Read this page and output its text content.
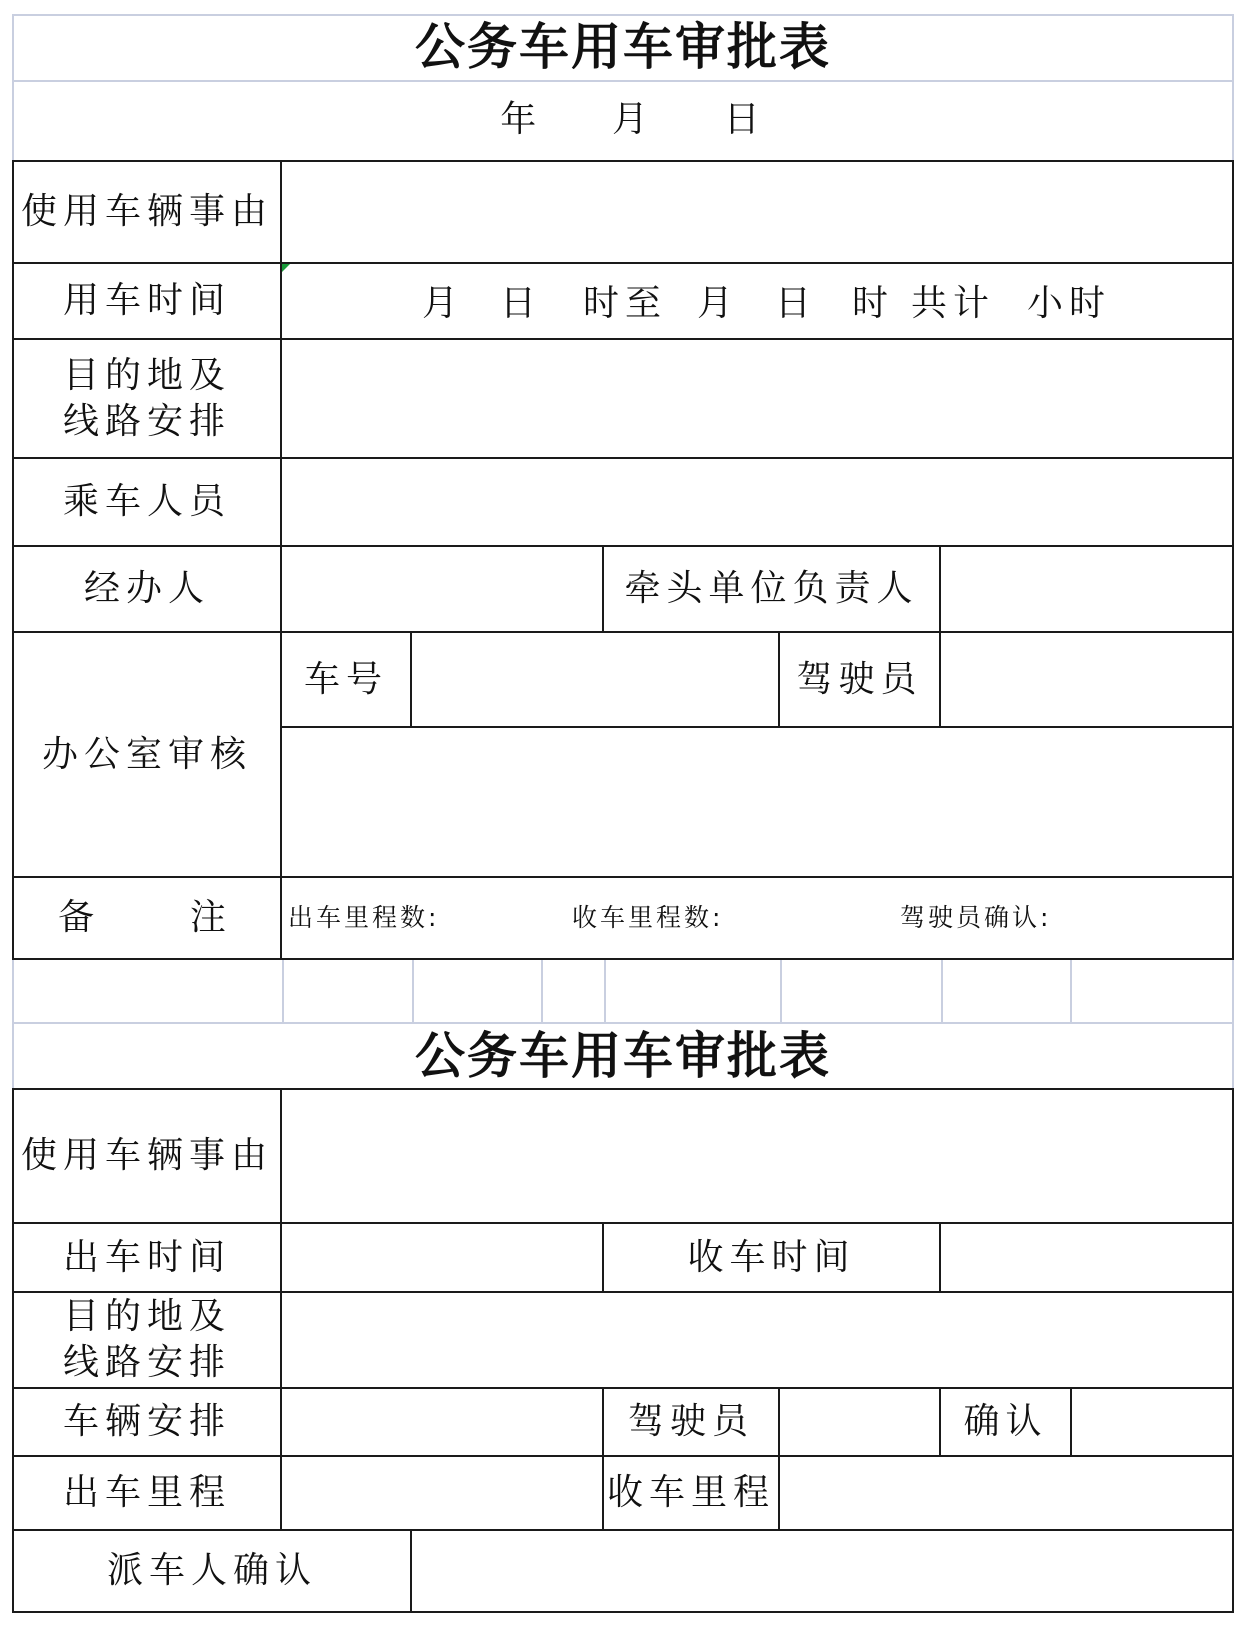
公务车用车审批表
年    月    日
使用车辆事由
用车时间	月 日 时至 月 日 时 共计 小时
目的地及
线路安排
乘车人员
经办人	牵头单位负责人
办公室审核
车号	驾驶员
备    注	出车里程数:	收车里程数:	驾驶员确认:
公务车用车审批表
使用车辆事由
出车时间	收车时间
目的地及
线路安排
车辆安排	驾驶员	确认
出车里程	收车里程
派车人确认
